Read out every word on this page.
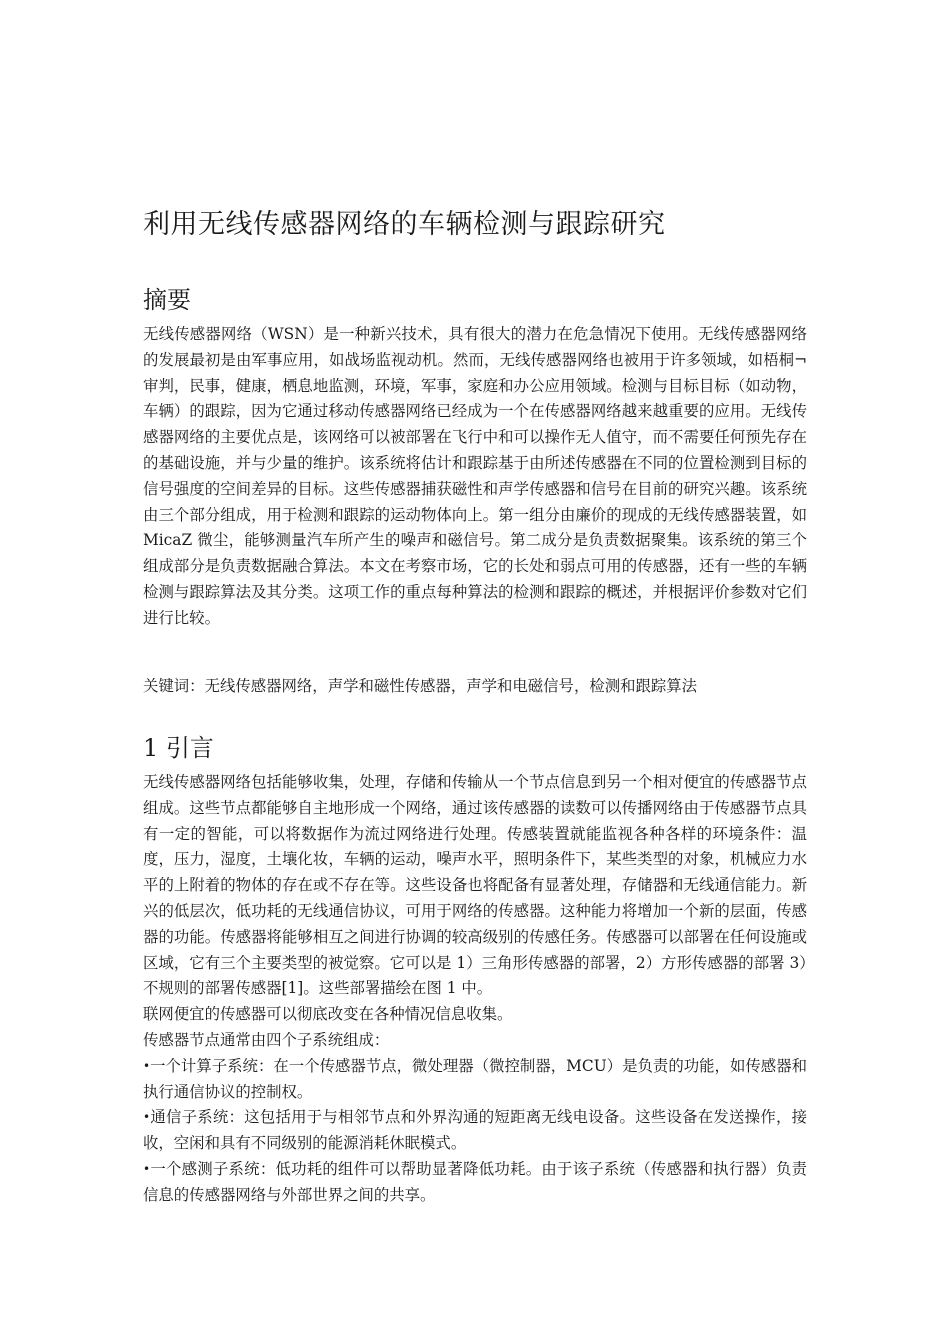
利用无线传感器网络的车辆检测与跟踪研究
摘要

无线传感器网络（WSN）是一种新兴技术，具有很大的潜力在危急情况下使用。无线传感器网络的发展最初是由军事应用，如战场监视动机。然而，无线传感器网络也被用于许多领域，如梧桐¬审判，民事，健康，栖息地监测，环境，军事，家庭和办公应用领域。检测与目标目标（如动物，车辆）的跟踪，因为它通过移动传感器网络已经成为一个在传感器网络越来越重要的应用。无线传感器网络的主要优点是，该网络可以被部署在飞行中和可以操作无人值守，而不需要任何预先存在的基础设施，并与少量的维护。该系统将估计和跟踪基于由所述传感器在不同的位置检测到目标的信号强度的空间差异的目标。这些传感器捕获磁性和声学传感器和信号在目前的研究兴趣。该系统由三个部分组成，用于检测和跟踪的运动物体向上。第一组分由廉价的现成的无线传感器装置，如 MicaZ 微尘，能够测量汽车所产生的噪声和磁信号。第二成分是负责数据聚集。该系统的第三个组成部分是负责数据融合算法。本文在考察市场，它的长处和弱点可用的传感器，还有一些的车辆检测与跟踪算法及其分类。这项工作的重点每种算法的检测和跟踪的概述，并根据评价参数对它们进行比较。

关键词：无线传感器网络，声学和磁性传感器，声学和电磁信号，检测和跟踪算法

1 引言

无线传感器网络包括能够收集，处理，存储和传输从一个节点信息到另一个相对便宜的传感器节点组成。这些节点都能够自主地形成一个网络，通过该传感器的读数可以传播网络由于传感器节点具有一定的智能，可以将数据作为流过网络进行处理。传感装置就能监视各种各样的环境条件：温度，压力，湿度，土壤化妆，车辆的运动，噪声水平，照明条件下，某些类型的对象，机械应力水平的上附着的物体的存在或不存在等。这些设备也将配备有显著处理，存储器和无线通信能力。新兴的低层次，低功耗的无线通信协议，可用于网络的传感器。这种能力将增加一个新的层面，传感器的功能。传感器将能够相互之间进行协调的较高级别的传感任务。传感器可以部署在任何设施或区域，它有三个主要类型的被觉察。它可以是 1）三角形传感器的部署，2）方形传感器的部署 3）不规则的部署传感器[1]。这些部署描绘在图 1 中。

联网便宜的传感器可以彻底改变在各种情况信息收集。

传感器节点通常由四个子系统组成：

•一个计算子系统：在一个传感器节点，微处理器（微控制器，MCU）是负责的功能，如传感器和执行通信协议的控制权。

•通信子系统：这包括用于与相邻节点和外界沟通的短距离无线电设备。这些设备在发送操作，接收，空闲和具有不同级别的能源消耗休眠模式。

•一个感测子系统：低功耗的组件可以帮助显著降低功耗。由于该子系统（传感器和执行器）负责信息的传感器网络与外部世界之间的共享。
